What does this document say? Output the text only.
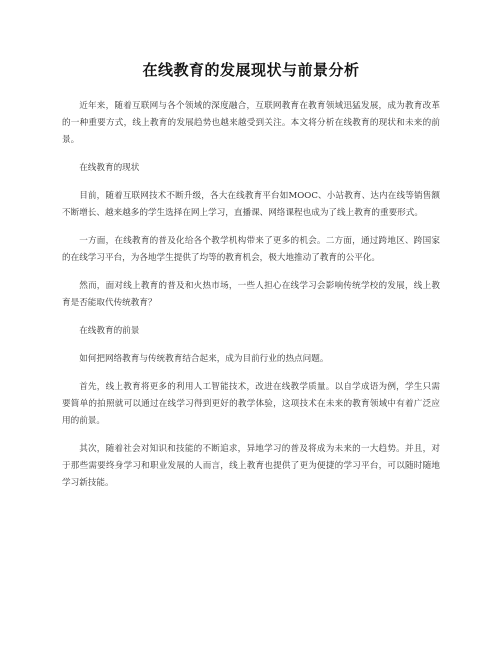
在线教育的发展现状与前景分析

近年来，随着互联网与各个领域的深度融合，互联网教育在教育领域迅猛发展，成为教育改革的一种重要方式，线上教育的发展趋势也越来越受到关注。本文将分析在线教育的现状和未来的前景。

在线教育的现状

目前，随着互联网技术不断升级，各大在线教育平台如MOOC、小站教育、达内在线等销售额不断增长、越来越多的学生选择在网上学习，直播课、网络课程也成为了线上教育的重要形式。

一方面，在线教育的普及化给各个教学机构带来了更多的机会。二方面，通过跨地区、跨国家的在线学习平台，为各地学生提供了均等的教育机会，极大地推动了教育的公平化。

然而，面对线上教育的普及和火热市场，一些人担心在线学习会影响传统学校的发展，线上教育是否能取代传统教育？

在线教育的前景

如何把网络教育与传统教育结合起来，成为目前行业的热点问题。

首先，线上教育将更多的利用人工智能技术，改进在线教学质量。以自学成语为例，学生只需要简单的拍照就可以通过在线学习得到更好的教学体验，这项技术在未来的教育领域中有着广泛应用的前景。

其次，随着社会对知识和技能的不断追求，异地学习的普及将成为未来的一大趋势。并且，对于那些需要终身学习和职业发展的人而言，线上教育也提供了更为便捷的学习平台，可以随时随地学习新技能。
